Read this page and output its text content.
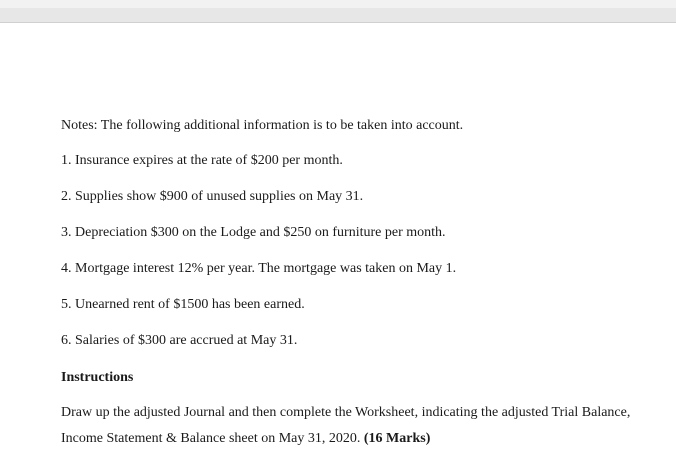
Notes: The following additional information is to be taken into account.
1. Insurance expires at the rate of $200 per month.
2. Supplies show $900 of unused supplies on May 31.
3. Depreciation $300 on the Lodge and $250 on furniture per month.
4. Mortgage interest 12% per year. The mortgage was taken on May 1.
5. Unearned rent of $1500 has been earned.
6. Salaries of $300 are accrued at May 31.
Instructions
Draw up the adjusted Journal and then complete the Worksheet, indicating the adjusted Trial Balance,
Income Statement & Balance sheet on May 31, 2020. (16 Marks)
